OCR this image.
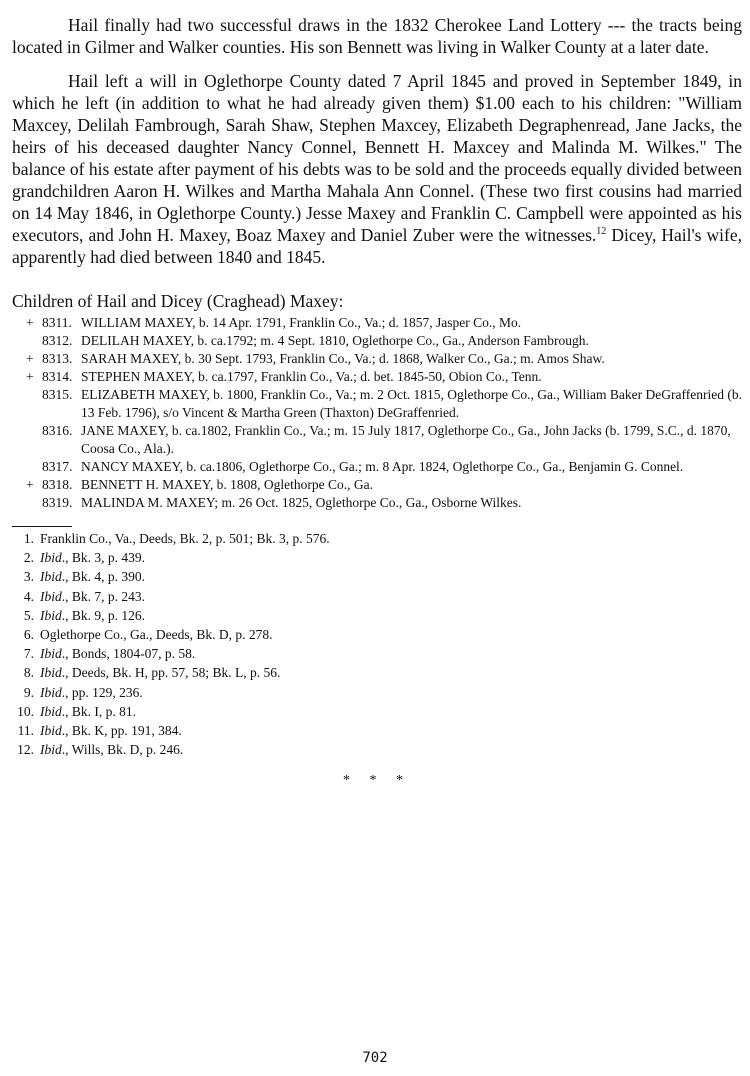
Hail finally had two successful draws in the 1832 Cherokee Land Lottery --- the tracts being located in Gilmer and Walker counties. His son Bennett was living in Walker County at a later date.

Hail left a will in Oglethorpe County dated 7 April 1845 and proved in September 1849, in which he left (in addition to what he had already given them) $1.00 each to his children: "William Maxcey, Delilah Fambrough, Sarah Shaw, Stephen Maxcey, Elizabeth Degraphenread, Jane Jacks, the heirs of his deceased daughter Nancy Connel, Bennett H. Maxcey and Malinda M. Wilkes." The balance of his estate after payment of his debts was to be sold and the proceeds equally divided between grandchildren Aaron H. Wilkes and Martha Mahala Ann Connel. (These two first cousins had married on 14 May 1846, in Oglethorpe County.) Jesse Maxey and Franklin C. Campbell were appointed as his executors, and John H. Maxey, Boaz Maxey and Daniel Zuber were the witnesses.$^{12}$ Dicey, Hail's wife, apparently had died between 1840 and 1845.

Children of Hail and Dicey (Craghead) Maxey:
+ 8311. WILLIAM MAXEY, b. 14 Apr. 1791, Franklin Co., Va.; d. 1857, Jasper Co., Mo.
8312. DELILAH MAXEY, b. ca.1792; m. 4 Sept. 1810, Oglethorpe Co., Ga., Anderson Fambrough.
+ 8313. SARAH MAXEY, b. 30 Sept. 1793, Franklin Co., Va.; d. 1868, Walker Co., Ga.; m. Amos Shaw.
+ 8314. STEPHEN MAXEY, b. ca.1797, Franklin Co., Va.; d. bet. 1845-50, Obion Co., Tenn.
8315. ELIZABETH MAXEY, b. 1800, Franklin Co., Va.; m. 2 Oct. 1815, Oglethorpe Co., Ga., William Baker DeGraffenried (b. 13 Feb. 1796), s/o Vincent & Martha Green (Thaxton) DeGraffenried.
8316. JANE MAXEY, b. ca.1802, Franklin Co., Va.; m. 15 July 1817, Oglethorpe Co., Ga., John Jacks (b. 1799, S.C., d. 1870, Coosa Co., Ala.).
8317. NANCY MAXEY, b. ca.1806, Oglethorpe Co., Ga.; m. 8 Apr. 1824, Oglethorpe Co., Ga., Benjamin G. Connel.
+ 8318. BENNETT H. MAXEY, b. 1808, Oglethorpe Co., Ga.
8319. MALINDA M. MAXEY; m. 26 Oct. 1825, Oglethorpe Co., Ga., Osborne Wilkes.
1. Franklin Co., Va., Deeds, Bk. 2, p. 501; Bk. 3, p. 576.
2. Ibid., Bk. 3, p. 439.
3. Ibid., Bk. 4, p. 390.
4. Ibid., Bk. 7, p. 243.
5. Ibid., Bk. 9, p. 126.
6. Oglethorpe Co., Ga., Deeds, Bk. D, p. 278.
7. Ibid., Bonds, 1804-07, p. 58.
8. Ibid., Deeds, Bk. H, pp. 57, 58; Bk. L, p. 56.
9. Ibid., pp. 129, 236.
10. Ibid., Bk. I, p. 81.
11. Ibid., Bk. K, pp. 191, 384.
12. Ibid., Wills, Bk. D, p. 246.
* * *
702
